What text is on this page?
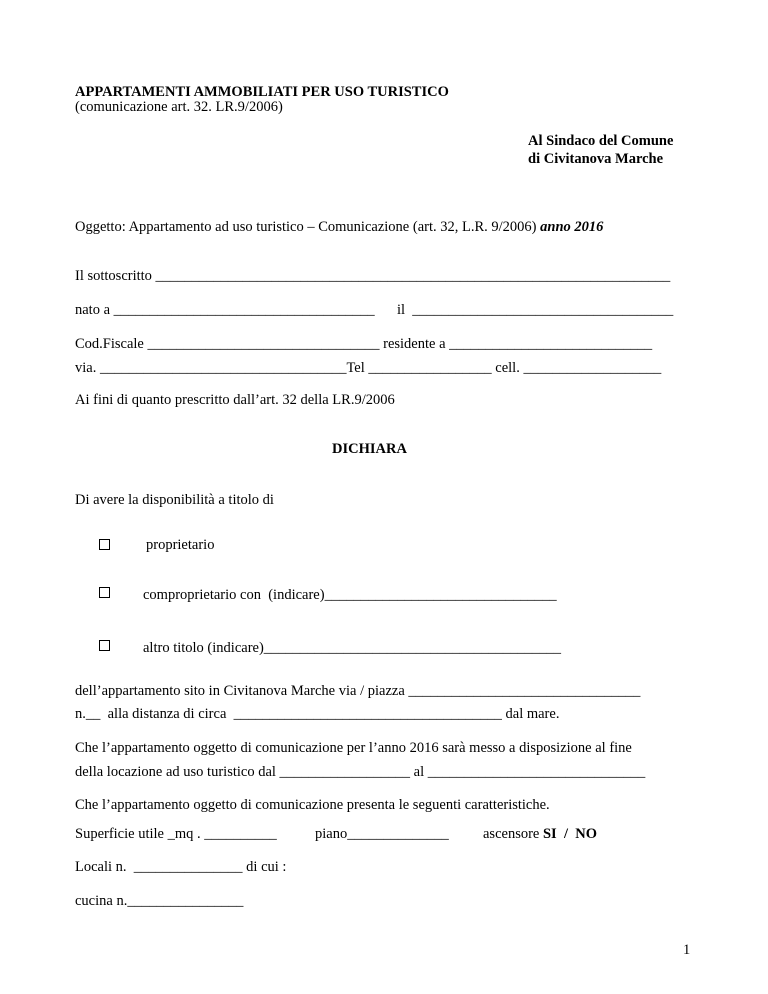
APPARTAMENTI AMMOBILIATI PER USO TURISTICO
(comunicazione art. 32. LR.9/2006)
Al Sindaco del Comune
di Civitanova Marche
Oggetto: Appartamento ad uso turistico – Comunicazione (art. 32, L.R. 9/2006) anno 2016
Il sottoscritto _______________________________________________________________________
nato a ____________________________________ il  ____________________________________
Cod.Fiscale ________________________________ residente a ____________________________
via. __________________________________Tel _________________ cell. ___________________
Ai fini di quanto prescritto dall’art. 32 della LR.9/2006
DICHIARA
Di avere la disponibilità a titolo di
proprietario
comproprietario con  (indicare)________________________________
altro titolo (indicare)_________________________________________
dell’appartamento sito in Civitanova Marche via / piazza ________________________________
n.__  alla distanza di circa  _____________________________________ dal mare.
Che l’appartamento oggetto di comunicazione per l’anno 2016 sarà messo a disposizione al fine
della locazione ad uso turistico dal __________________ al ______________________________
Che l’appartamento oggetto di comunicazione presenta le seguenti caratteristiche.
Superficie utile _mq . __________	piano______________ ascensore SI  /  NO
Locali n.  _______________ di cui :
cucina n.________________
1
